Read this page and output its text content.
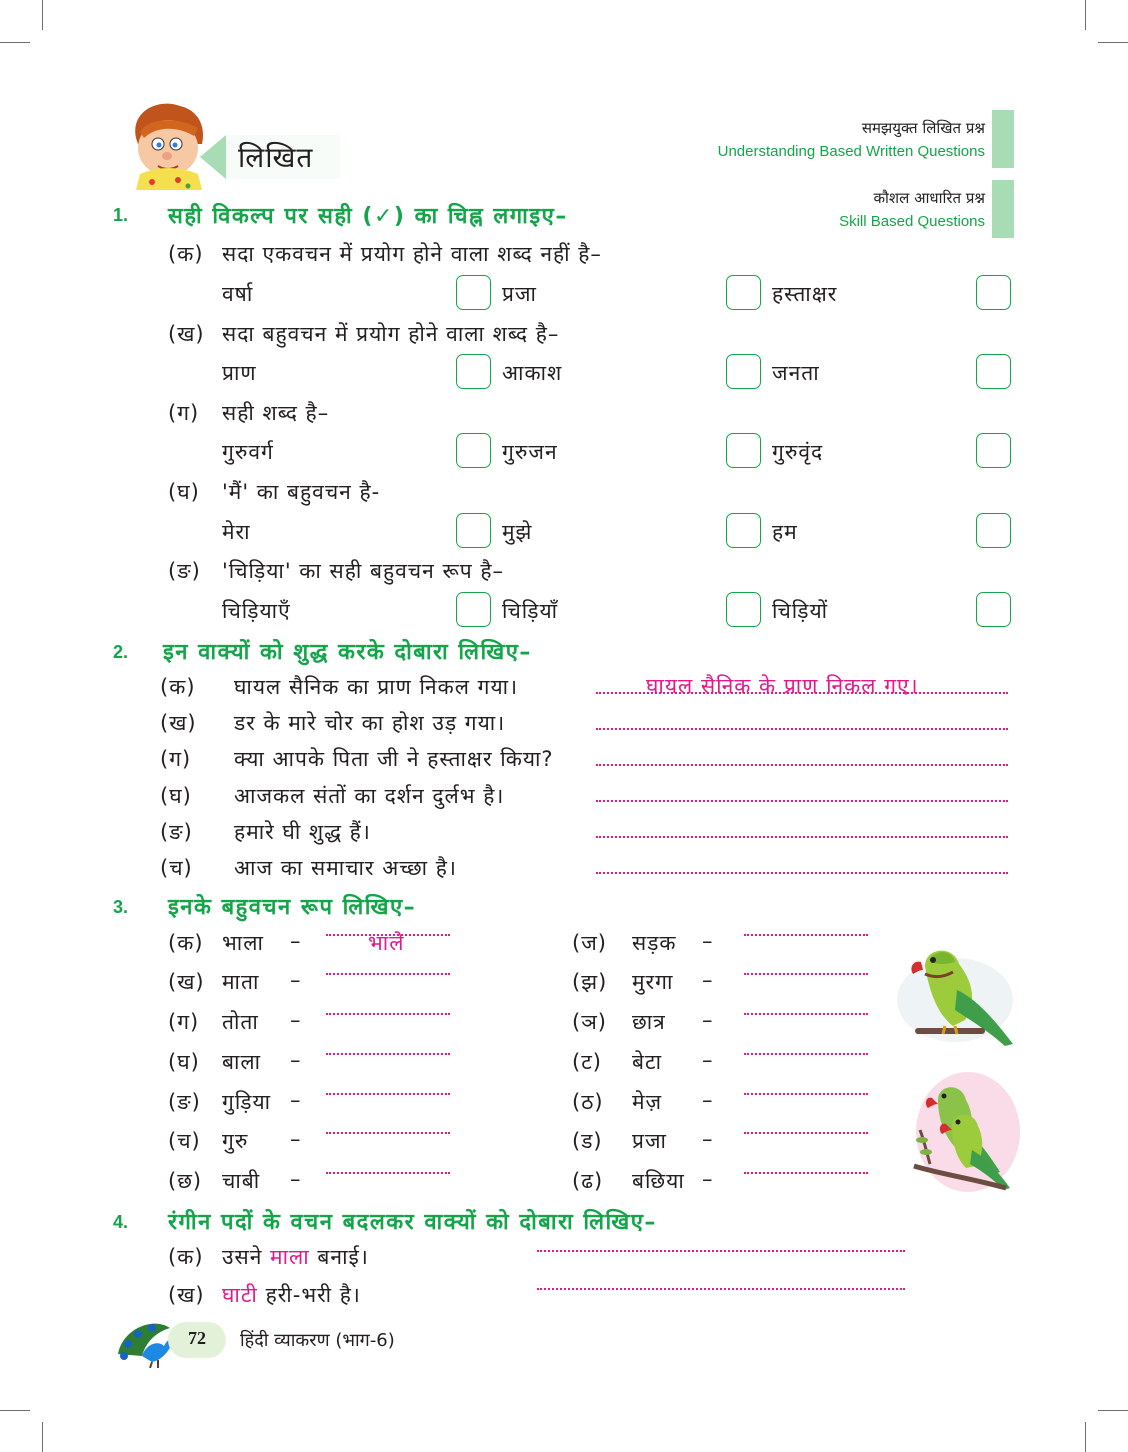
लिखित
समझयुक्त लिखित प्रश्न
Understanding Based Written Questions
कौशल आधारित प्रश्न
Skill Based Questions
1. सही विकल्प पर सही (✓) का चिह्न लगाइए–
(क) सदा एकवचन में प्रयोग होने वाला शब्द नहीं है–
वर्षा	प्रजा	हस्ताक्षर
(ख) सदा बहुवचन में प्रयोग होने वाला शब्द है–
प्राण	आकाश	जनता
(ग) सही शब्द है–
गुरुवर्ग	गुरुजन	गुरुवृंद
(घ) 'मैं' का बहुवचन है-
मेरा	मुझे	हम
(ङ) 'चिड़िया' का सही बहुवचन रूप है–
चिड़ियाएँ	चिड़ियाँ	चिड़ियों
2. इन वाक्यों को शुद्ध करके दोबारा लिखिए–
(क) घायल सैनिक का प्राण निकल गया।	घायल सैनिक के प्राण निकल गए।
(ख) डर के मारे चोर का होश उड़ गया।
(ग) क्या आपके पिता जी ने हस्ताक्षर किया?
(घ) आजकल संतों का दर्शन दुर्लभ है।
(ङ) हमारे घी शुद्ध हैं।
(च) आज का समाचार अच्छा है।
3. इनके बहुवचन रूप लिखिए–
(क) भाला –	भाले
(ख) माता –
(ग) तोता –
(घ) बाला –
(ङ) गुड़िया –
(च) गुरु –
(छ) चाबी –
(ज) सड़क –
(झ) मुरगा –
(ञ) छात्र –
(ट) बेटा –
(ठ) मेज़ –
(ड) प्रजा –
(ढ) बछिया –
4. रंगीन पदों के वचन बदलकर वाक्यों को दोबारा लिखिए–
(क) उसने माला बनाई।
(ख) घाटी हरी-भरी है।
72	हिंदी व्याकरण (भाग-6)
